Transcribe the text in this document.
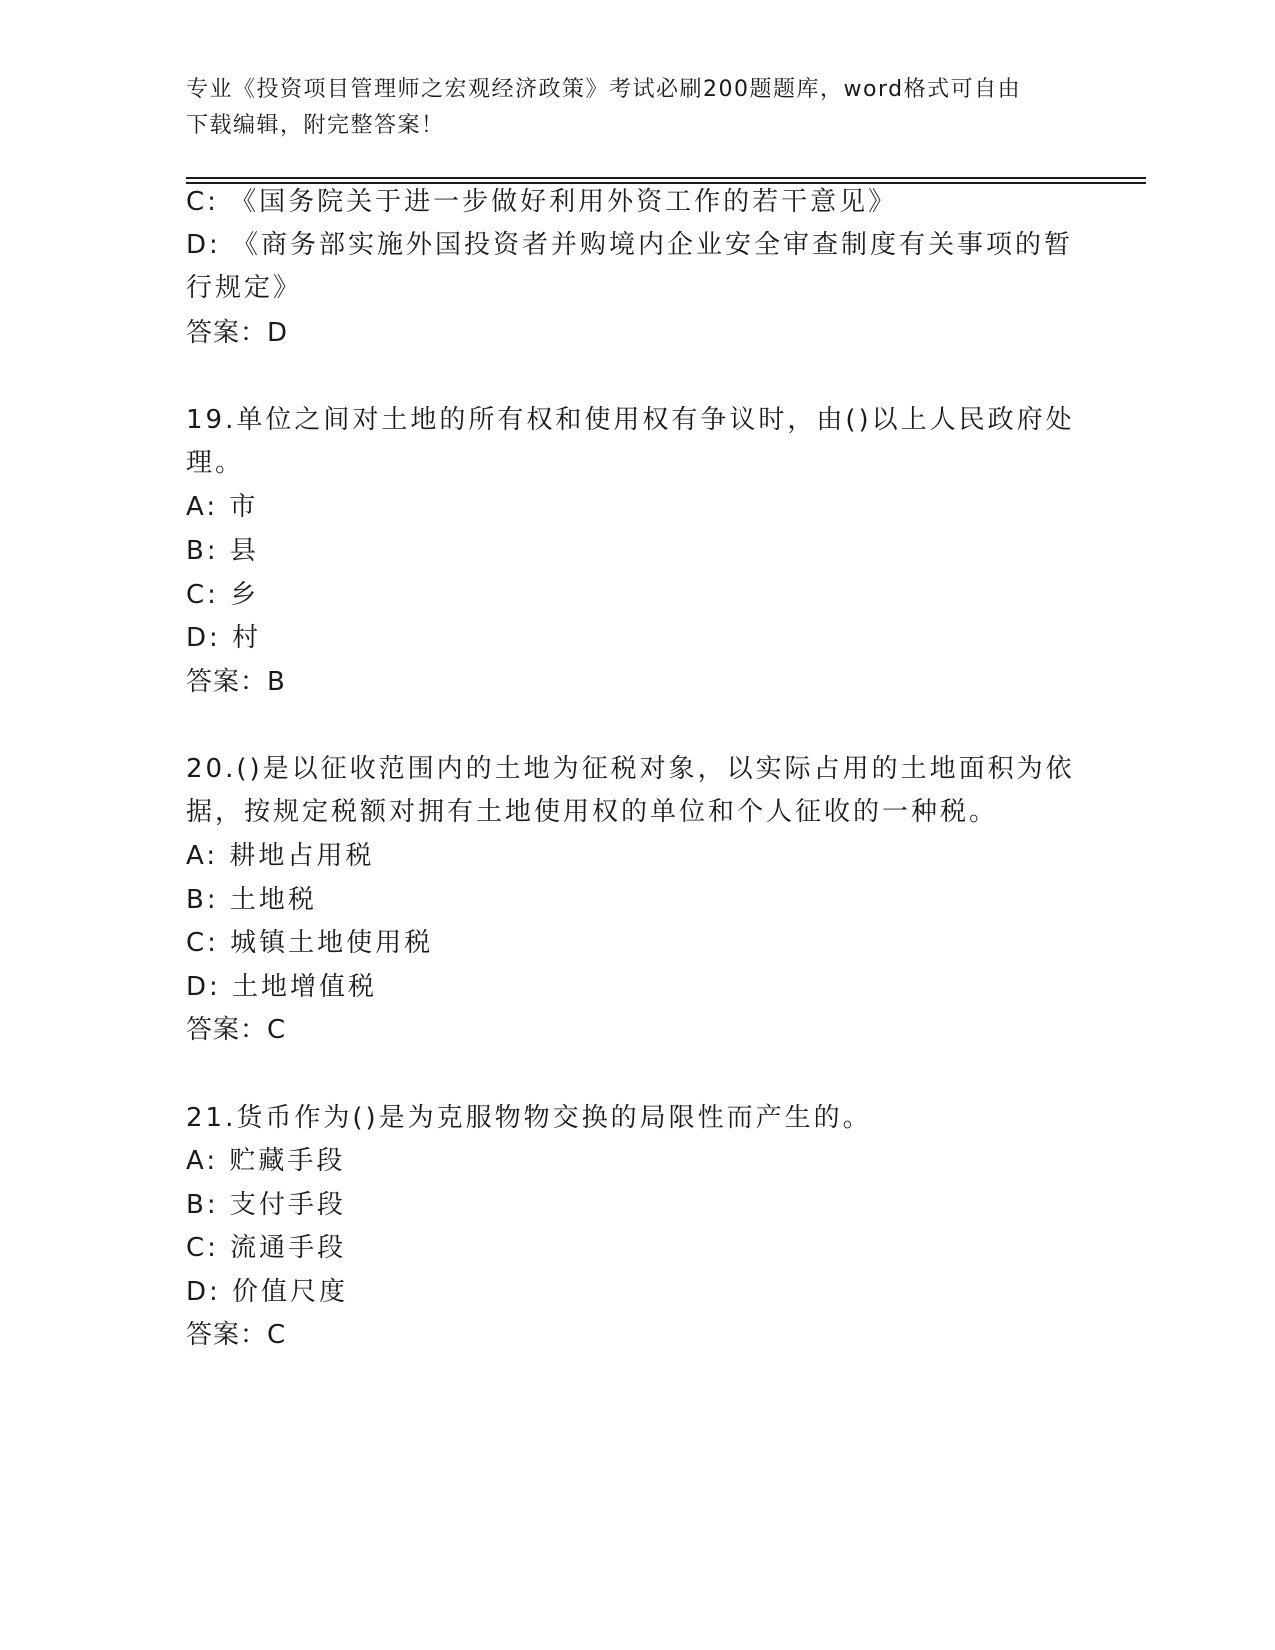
专业《投资项目管理师之宏观经济政策》考试必刷200题题库，word格式可自由
下载编辑，附完整答案！
C: 《国务院关于进一步做好利用外资工作的若干意见》
D: 《商务部实施外国投资者并购境内企业安全审查制度有关事项的暂
行规定》
答案：D
19.单位之间对土地的所有权和使用权有争议时，由()以上人民政府处
理。
A: 市
B: 县
C: 乡
D: 村
答案：B
20.()是以征收范围内的土地为征税对象，以实际占用的土地面积为依
据，按规定税额对拥有土地使用权的单位和个人征收的一种税。
A: 耕地占用税
B: 土地税
C: 城镇土地使用税
D: 土地增值税
答案：C
21.货币作为()是为克服物物交换的局限性而产生的。
A: 贮藏手段
B: 支付手段
C: 流通手段
D: 价值尺度
答案：C
